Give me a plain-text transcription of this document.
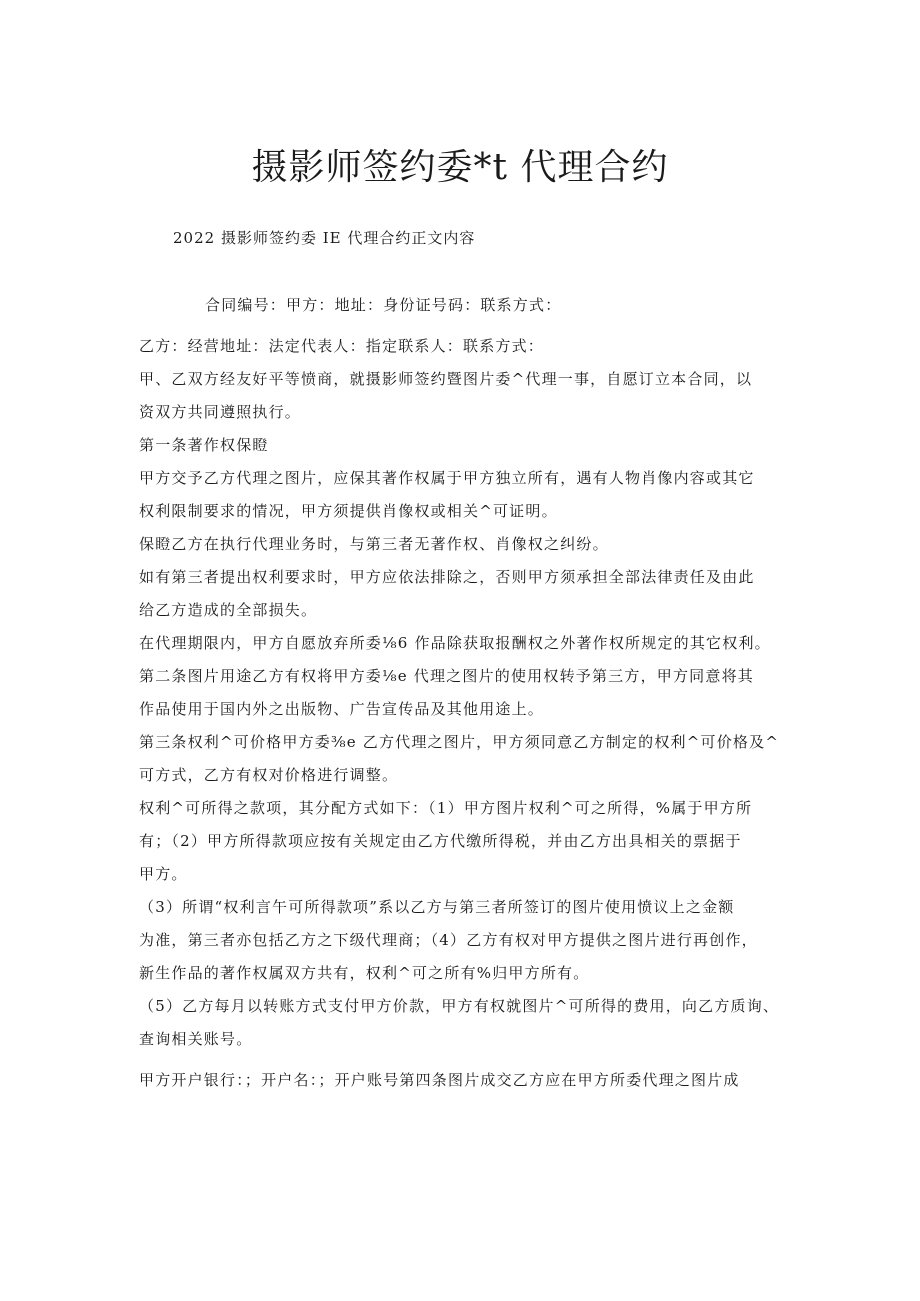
摄影师签约委*t 代理合约
2022 摄影师签约委 IE 代理合约正文内容
合同编号：甲方：地址：身份证号码：联系方式：
乙方：经营地址：法定代表人：指定联系人：联系方式：
甲、乙双方经友好平等愤商，就摄影师签约暨图片委^代理一事，自愿订立本合同，以
资双方共同遵照执行。
第一条著作权保瞪
甲方交予乙方代理之图片，应保其著作权属于甲方独立所有，遇有人物肖像内容或其它
权利限制要求的情况，甲方须提供肖像权或相关^可证明。
保瞪乙方在执行代理业务时，与第三者无著作权、肖像权之纠纷。
如有第三者提出权利要求时，甲方应依法排除之，否则甲方须承担全部法律责任及由此
给乙方造成的全部损失。
在代理期限内，甲方自愿放弃所委⅛6 作品除获取报酬权之外著作权所规定的其它权利。
第二条图片用途乙方有权将甲方委⅛e 代理之图片的使用权转予第三方，甲方同意将其
作品使用于国内外之出版物、广告宣传品及其他用途上。
第三条权利^可价格甲方委⅜e 乙方代理之图片，甲方须同意乙方制定的权利^可价格及^
可方式，乙方有权对价格进行调整。
权利^可所得之款项，其分配方式如下：（1）甲方图片权利^可之所得，%属于甲方所
有；（2）甲方所得款项应按有关规定由乙方代缴所得税，并由乙方出具相关的票据于
甲方。
（3）所谓“权利言午可所得款项”系以乙方与第三者所签订的图片使用愤议上之金额
为准，第三者亦包括乙方之下级代理商；（4）乙方有权对甲方提供之图片进行再创作，
新生作品的著作权属双方共有，权利^可之所有%归甲方所有。
（5）乙方每月以转账方式支付甲方价款，甲方有权就图片^可所得的费用，向乙方质询、
查询相关账号。
甲方开户银行：；开户名：；开户账号第四条图片成交乙方应在甲方所委代理之图片成
